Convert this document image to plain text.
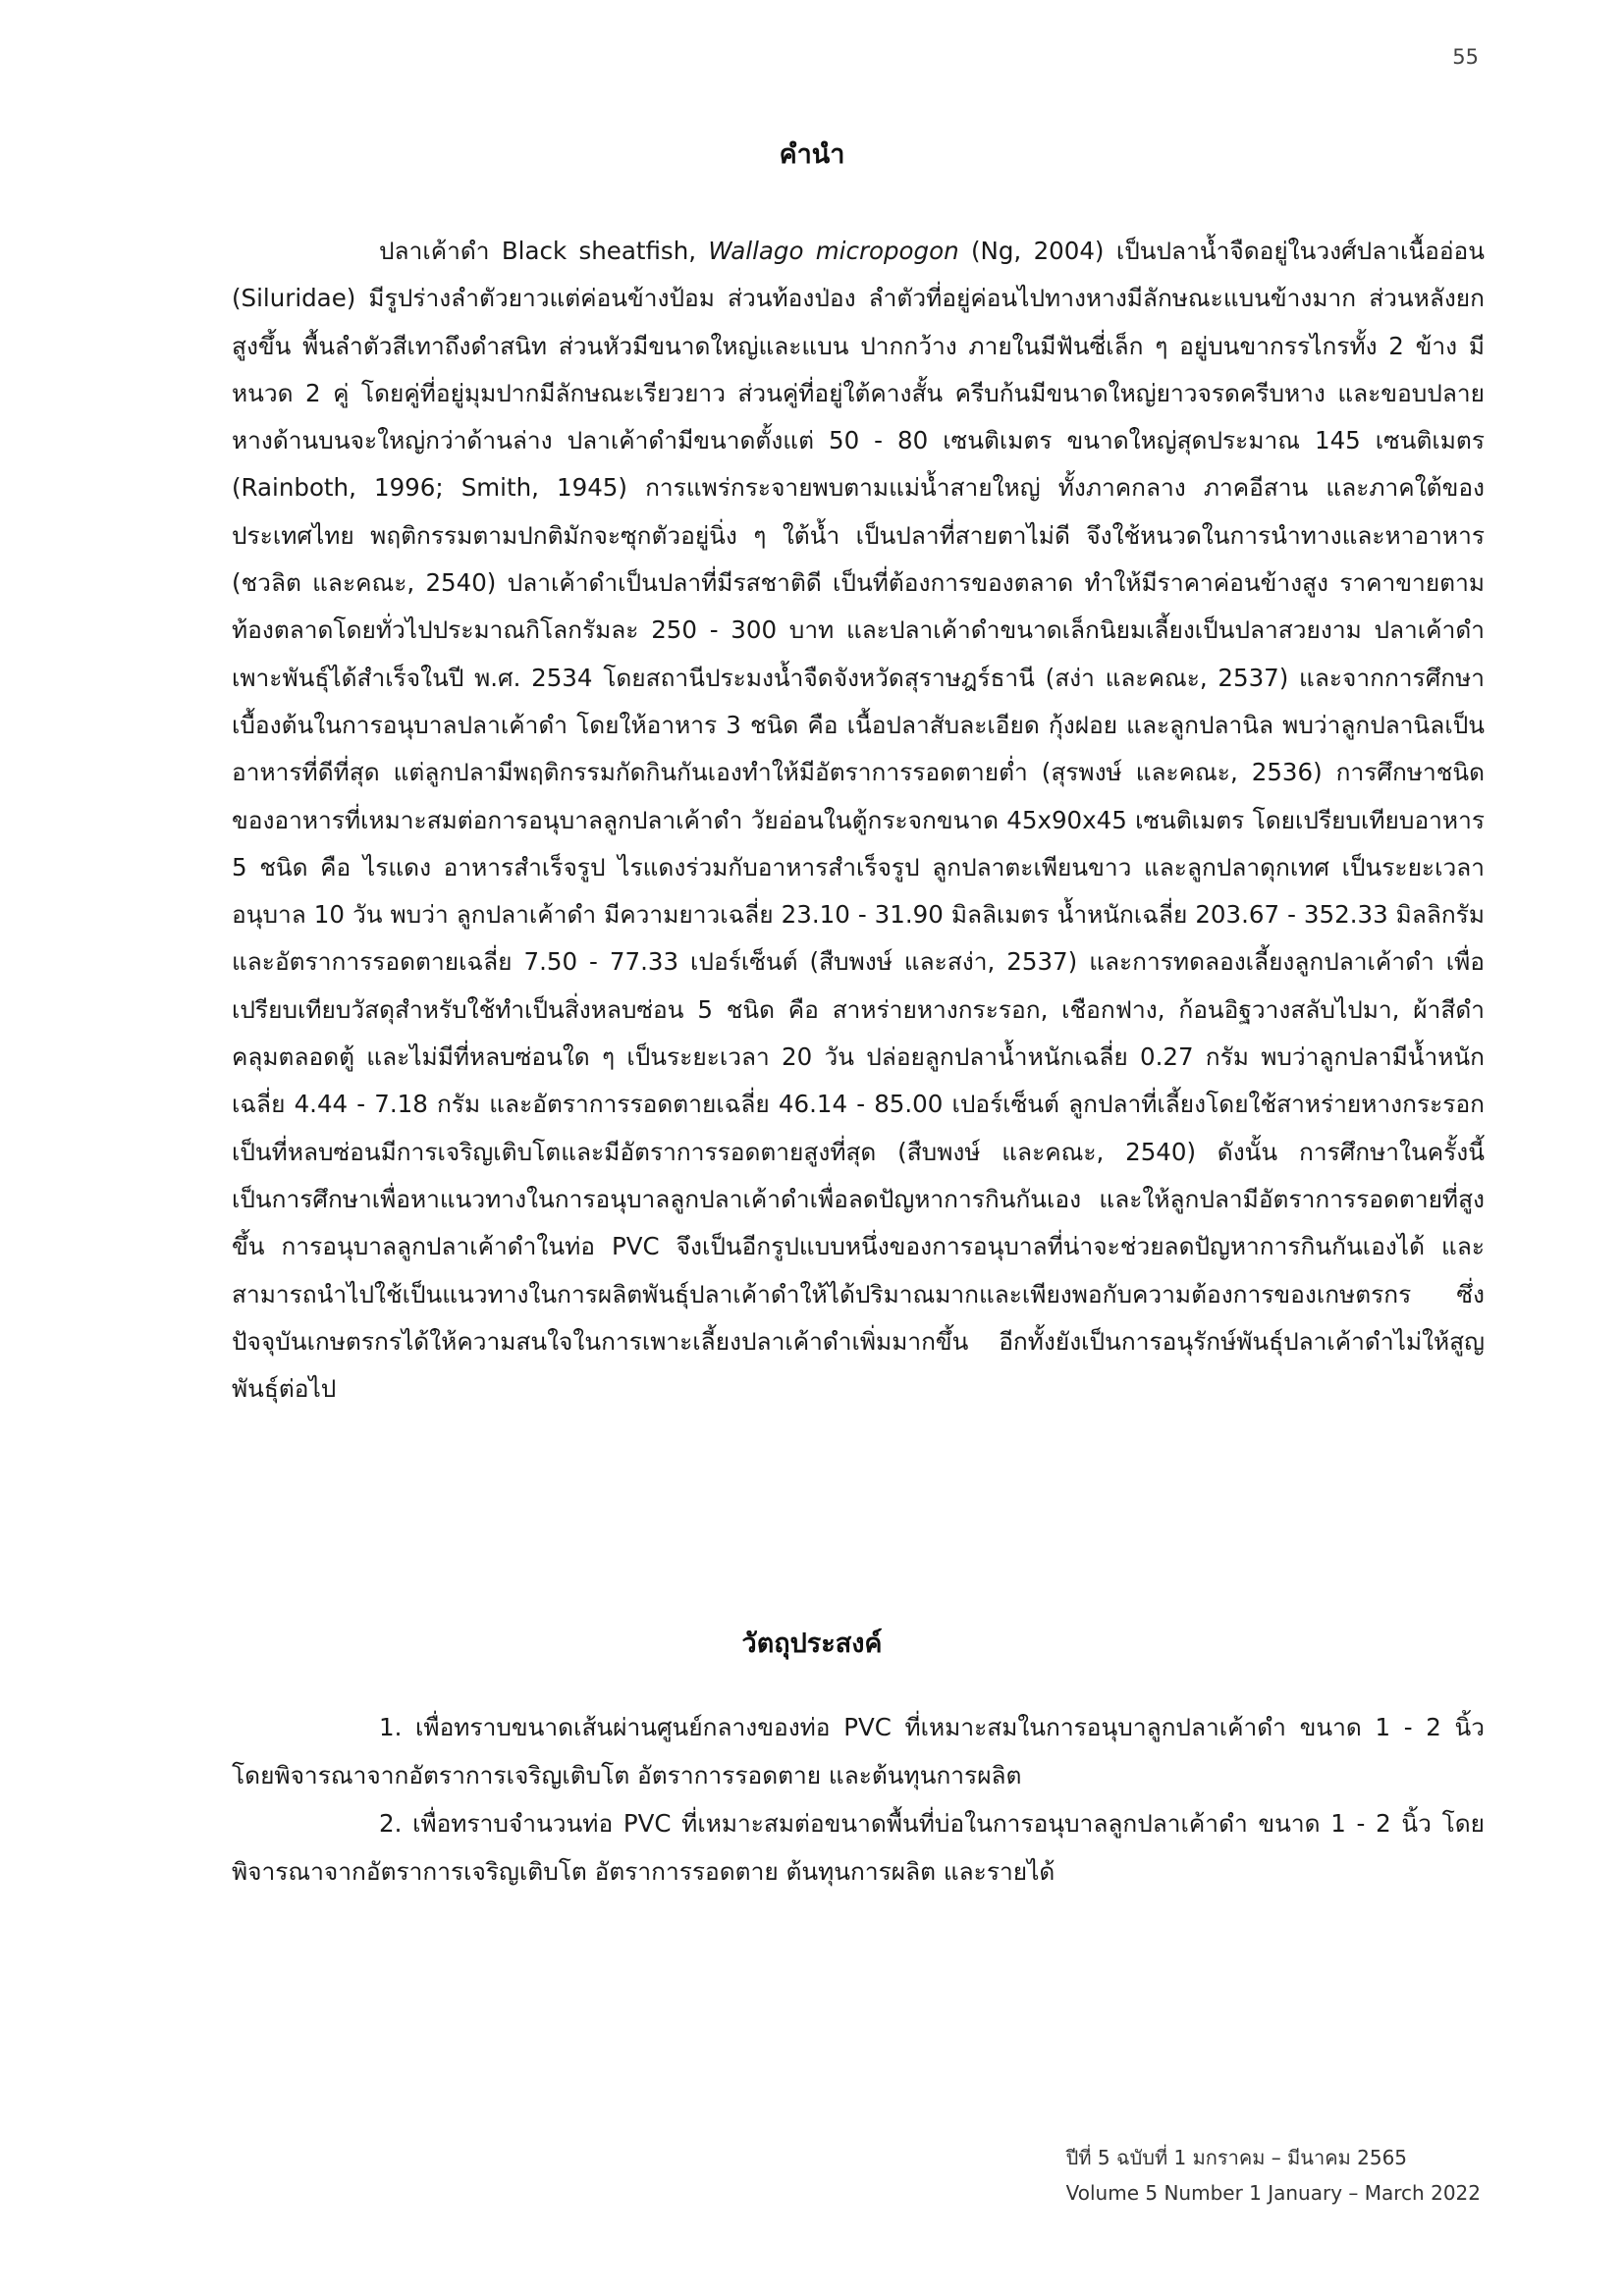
55
คำนำ

ปลาเค้าดำ Black sheatfish, Wallago micropogon (Ng, 2004) เป็นปลาน้ำจืดอยู่ในวงศ์ปลาเนื้ออ่อน (Siluridae) มีรูปร่างลำตัวยาวแต่ค่อนข้างป้อม ส่วนท้องป่อง ลำตัวที่อยู่ค่อนไปทางหางมีลักษณะแบนข้างมาก ส่วนหลังยกสูงขึ้น พื้นลำตัวสีเทาถึงดำสนิท ส่วนหัวมีขนาดใหญ่และแบน ปากกว้าง ภายในมีฟันซี่เล็ก ๆ อยู่บนขากรรไกรทั้ง 2 ข้าง มีหนวด 2 คู่ โดยคู่ที่อยู่มุมปากมีลักษณะเรียวยาว ส่วนคู่ที่อยู่ใต้คางสั้น ครีบก้นมีขนาดใหญ่ยาวจรดครีบหาง และขอบปลายหางด้านบนจะใหญ่กว่าด้านล่าง ปลาเค้าดำมีขนาดตั้งแต่ 50 - 80 เซนติเมตร ขนาดใหญ่สุดประมาณ 145 เซนติเมตร (Rainboth, 1996; Smith, 1945) การแพร่กระจายพบตามแม่น้ำสายใหญ่ ทั้งภาคกลาง ภาคอีสาน และภาคใต้ของประเทศไทย พฤติกรรมตามปกติมักจะซุกตัวอยู่นิ่ง ๆ ใต้น้ำ เป็นปลาที่สายตาไม่ดี จึงใช้หนวดในการนำทางและหาอาหาร (ชวลิต และคณะ, 2540) ปลาเค้าดำเป็นปลาที่มีรสชาติดี เป็นที่ต้องการของตลาด ทำให้มีราคาค่อนข้างสูง ราคาขายตามท้องตลาดโดยทั่วไปประมาณกิโลกรัมละ 250 - 300 บาท และปลาเค้าดำขนาดเล็กนิยมเลี้ยงเป็นปลาสวยงาม ปลาเค้าดำเพาะพันธุ์ได้สำเร็จในปี พ.ศ. 2534 โดยสถานีประมงน้ำจืดจังหวัดสุราษฎร์ธานี (สง่า และคณะ, 2537) และจากการศึกษาเบื้องต้นในการอนุบาลปลาเค้าดำ โดยให้อาหาร 3 ชนิด คือ เนื้อปลาสับละเอียด กุ้งฝอย และลูกปลานิล พบว่าลูกปลานิลเป็นอาหารที่ดีที่สุด แต่ลูกปลามีพฤติกรรมกัดกินกันเองทำให้มีอัตราการรอดตายต่ำ (สุรพงษ์ และคณะ, 2536) การศึกษาชนิดของอาหารที่เหมาะสมต่อการอนุบาลลูกปลาเค้าดำ วัยอ่อนในตู้กระจกขนาด 45x90x45 เซนติเมตร โดยเปรียบเทียบอาหาร 5 ชนิด คือ ไรแดง อาหารสำเร็จรูป ไรแดงร่วมกับอาหารสำเร็จรูป ลูกปลาตะเพียนขาว และลูกปลาดุกเทศ เป็นระยะเวลาอนุบาล 10 วัน พบว่า ลูกปลาเค้าดำ มีความยาวเฉลี่ย 23.10 - 31.90 มิลลิเมตร น้ำหนักเฉลี่ย 203.67 - 352.33 มิลลิกรัม และอัตราการรอดตายเฉลี่ย 7.50 - 77.33 เปอร์เซ็นต์ (สืบพงษ์ และสง่า, 2537) และการทดลองเลี้ยงลูกปลาเค้าดำ เพื่อเปรียบเทียบวัสดุสำหรับใช้ทำเป็นสิ่งหลบซ่อน 5 ชนิด คือ สาหร่ายหางกระรอก, เชือกฟาง, ก้อนอิฐวางสลับไปมา, ผ้าสีดำคลุมตลอดตู้ และไม่มีที่หลบซ่อนใด ๆ เป็นระยะเวลา 20 วัน ปล่อยลูกปลาน้ำหนักเฉลี่ย 0.27 กรัม พบว่าลูกปลามีน้ำหนักเฉลี่ย 4.44 - 7.18 กรัม และอัตราการรอดตายเฉลี่ย 46.14 - 85.00 เปอร์เซ็นต์ ลูกปลาที่เลี้ยงโดยใช้สาหร่ายหางกระรอกเป็นที่หลบซ่อนมีการเจริญเติบโตและมีอัตราการรอดตายสูงที่สุด (สืบพงษ์ และคณะ, 2540) ดังนั้น การศึกษาในครั้งนี้เป็นการศึกษาเพื่อหาแนวทางในการอนุบาลลูกปลาเค้าดำเพื่อลดปัญหาการกินกันเอง และให้ลูกปลามีอัตราการรอดตายที่สูงขึ้น การอนุบาลลูกปลาเค้าดำในท่อ PVC จึงเป็นอีกรูปแบบหนึ่งของการอนุบาลที่น่าจะช่วยลดปัญหาการกินกันเองได้ และสามารถนำไปใช้เป็นแนวทางในการผลิตพันธุ์ปลาเค้าดำให้ได้ปริมาณมากและเพียงพอกับความต้องการของเกษตรกร ซึ่งปัจจุบันเกษตรกรได้ให้ความสนใจในการเพาะเลี้ยงปลาเค้าดำเพิ่มมากขึ้น อีกทั้งยังเป็นการอนุรักษ์พันธุ์ปลาเค้าดำไม่ให้สูญพันธุ์ต่อไป

วัตถุประสงค์

1. เพื่อทราบขนาดเส้นผ่านศูนย์กลางของท่อ PVC ที่เหมาะสมในการอนุบาลูกปลาเค้าดำ ขนาด 1 - 2 นิ้ว โดยพิจารณาจากอัตราการเจริญเติบโต อัตราการรอดตาย และต้นทุนการผลิต

2. เพื่อทราบจำนวนท่อ PVC ที่เหมาะสมต่อขนาดพื้นที่บ่อในการอนุบาลลูกปลาเค้าดำ ขนาด 1 - 2 นิ้ว โดยพิจารณาจากอัตราการเจริญเติบโต อัตราการรอดตาย ต้นทุนการผลิต และรายได้

ปีที่ 5 ฉบับที่ 1 มกราคม – มีนาคม 2565
Volume 5 Number 1 January – March 2022
